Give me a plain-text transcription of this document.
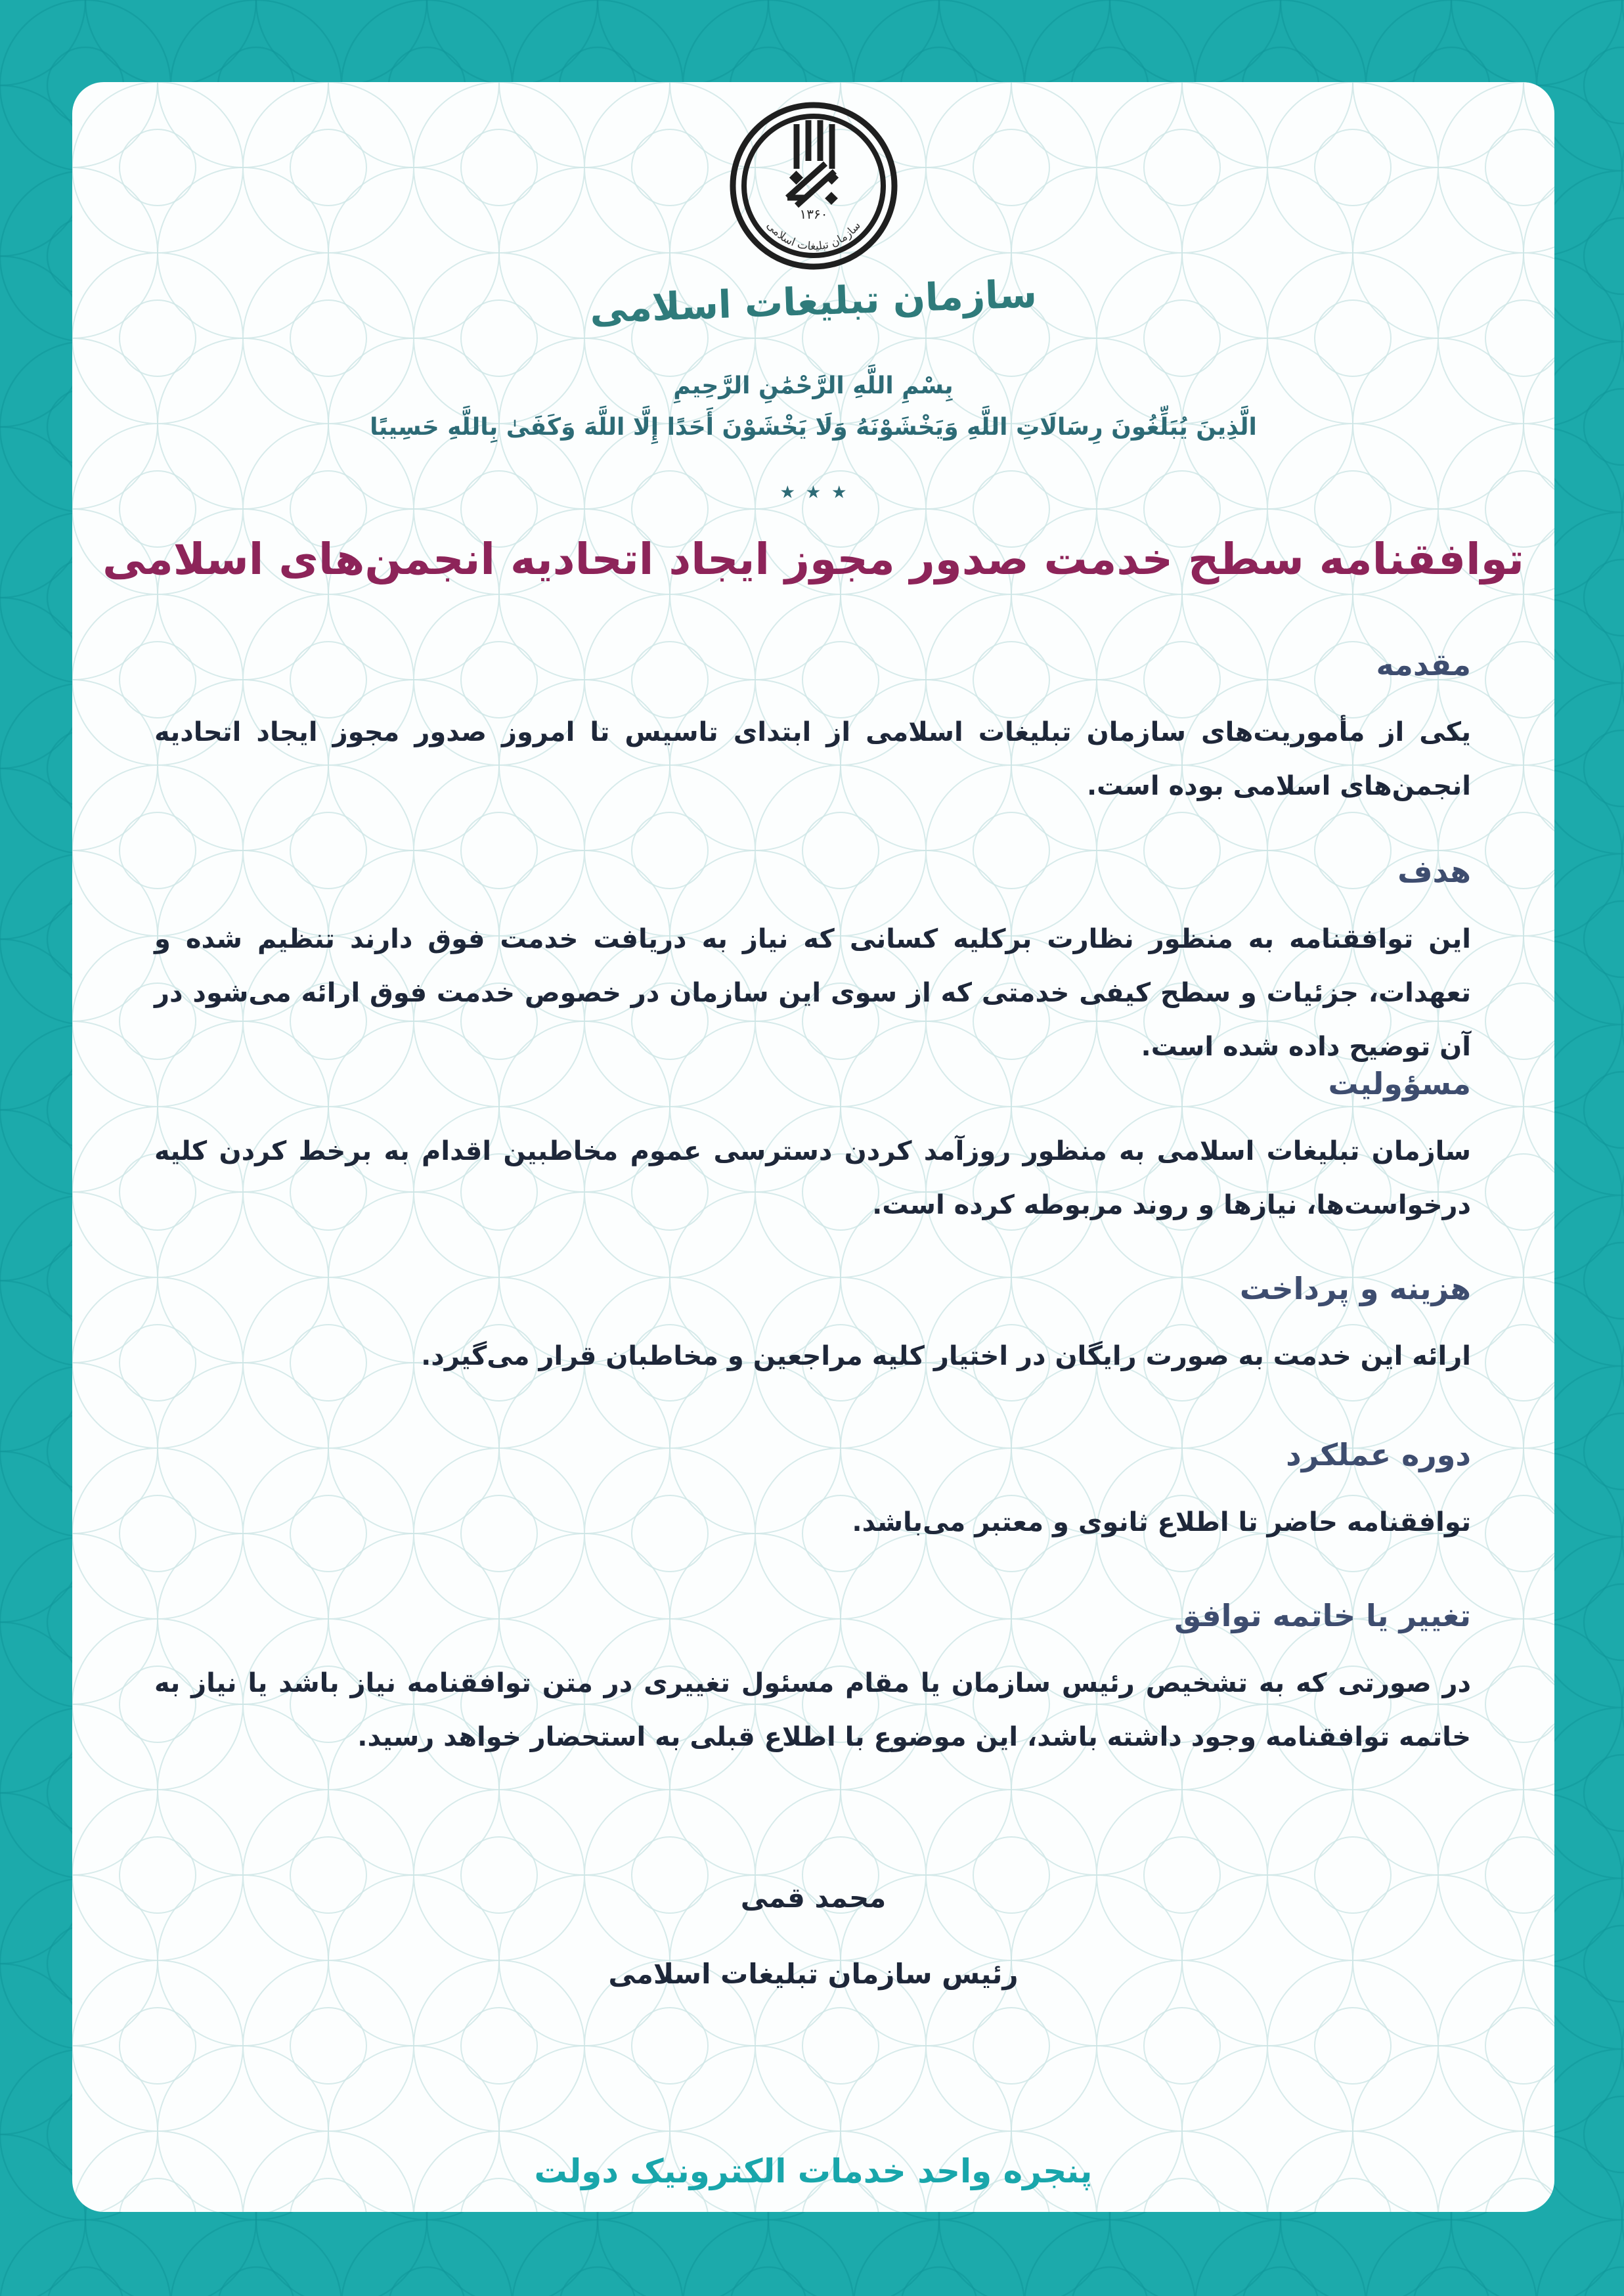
۱۳۶۰
سازمان تبلیغات اسلامی
سازمان تبلیغات اسلامی
بِسْمِ اللَّهِ الرَّحْمَٰنِ الرَّحِيمِ
الَّذِينَ يُبَلِّغُونَ رِسَالَاتِ اللَّهِ وَيَخْشَوْنَهُ وَلَا يَخْشَوْنَ أَحَدًا إِلَّا اللَّهَ وَكَفَىٰ بِاللَّهِ حَسِيبًا
٭ ٭ ٭
توافقنامه سطح خدمت صدور مجوز ایجاد اتحادیه انجمن‌های اسلامی
مقدمه

یکی از مأموریت‌های سازمان تبلیغات اسلامی از ابتدای تاسیس تا امروز صدور مجوز ایجاد اتحادیه انجمن‌های اسلامی بوده است.

هدف

این توافقنامه به منظور نظارت برکلیه کسانی که نیاز به دریافت خدمت فوق دارند تنظیم شده و تعهدات، جزئیات و سطح کیفی خدمتی که از سوی این سازمان در خصوص خدمت فوق ارائه می‌شود در آن توضیح داده شده است.

مسؤولیت

سازمان تبلیغات اسلامی به منظور روزآمد کردن دسترسی عموم مخاطبین اقدام به برخط کردن کلیه درخواست‌ها، نیازها و روند مربوطه کرده است.

هزینه و پرداخت

ارائه این خدمت به صورت رایگان در اختیار کلیه مراجعین و مخاطبان قرار می‌گیرد.

دوره عملکرد

توافقنامه حاضر تا اطلاع ثانوی و معتبر می‌باشد.

تغییر یا خاتمه توافق

در صورتی که به تشخیص رئیس سازمان یا مقام مسئول تغییری در متن توافقنامه نیاز باشد یا نیاز به خاتمه توافقنامه وجود داشته باشد، این موضوع با اطلاع قبلی به استحضار خواهد رسید.

محمد قمی
رئیس سازمان تبلیغات اسلامی
پنجره واحد خدمات الکترونیک دولت
